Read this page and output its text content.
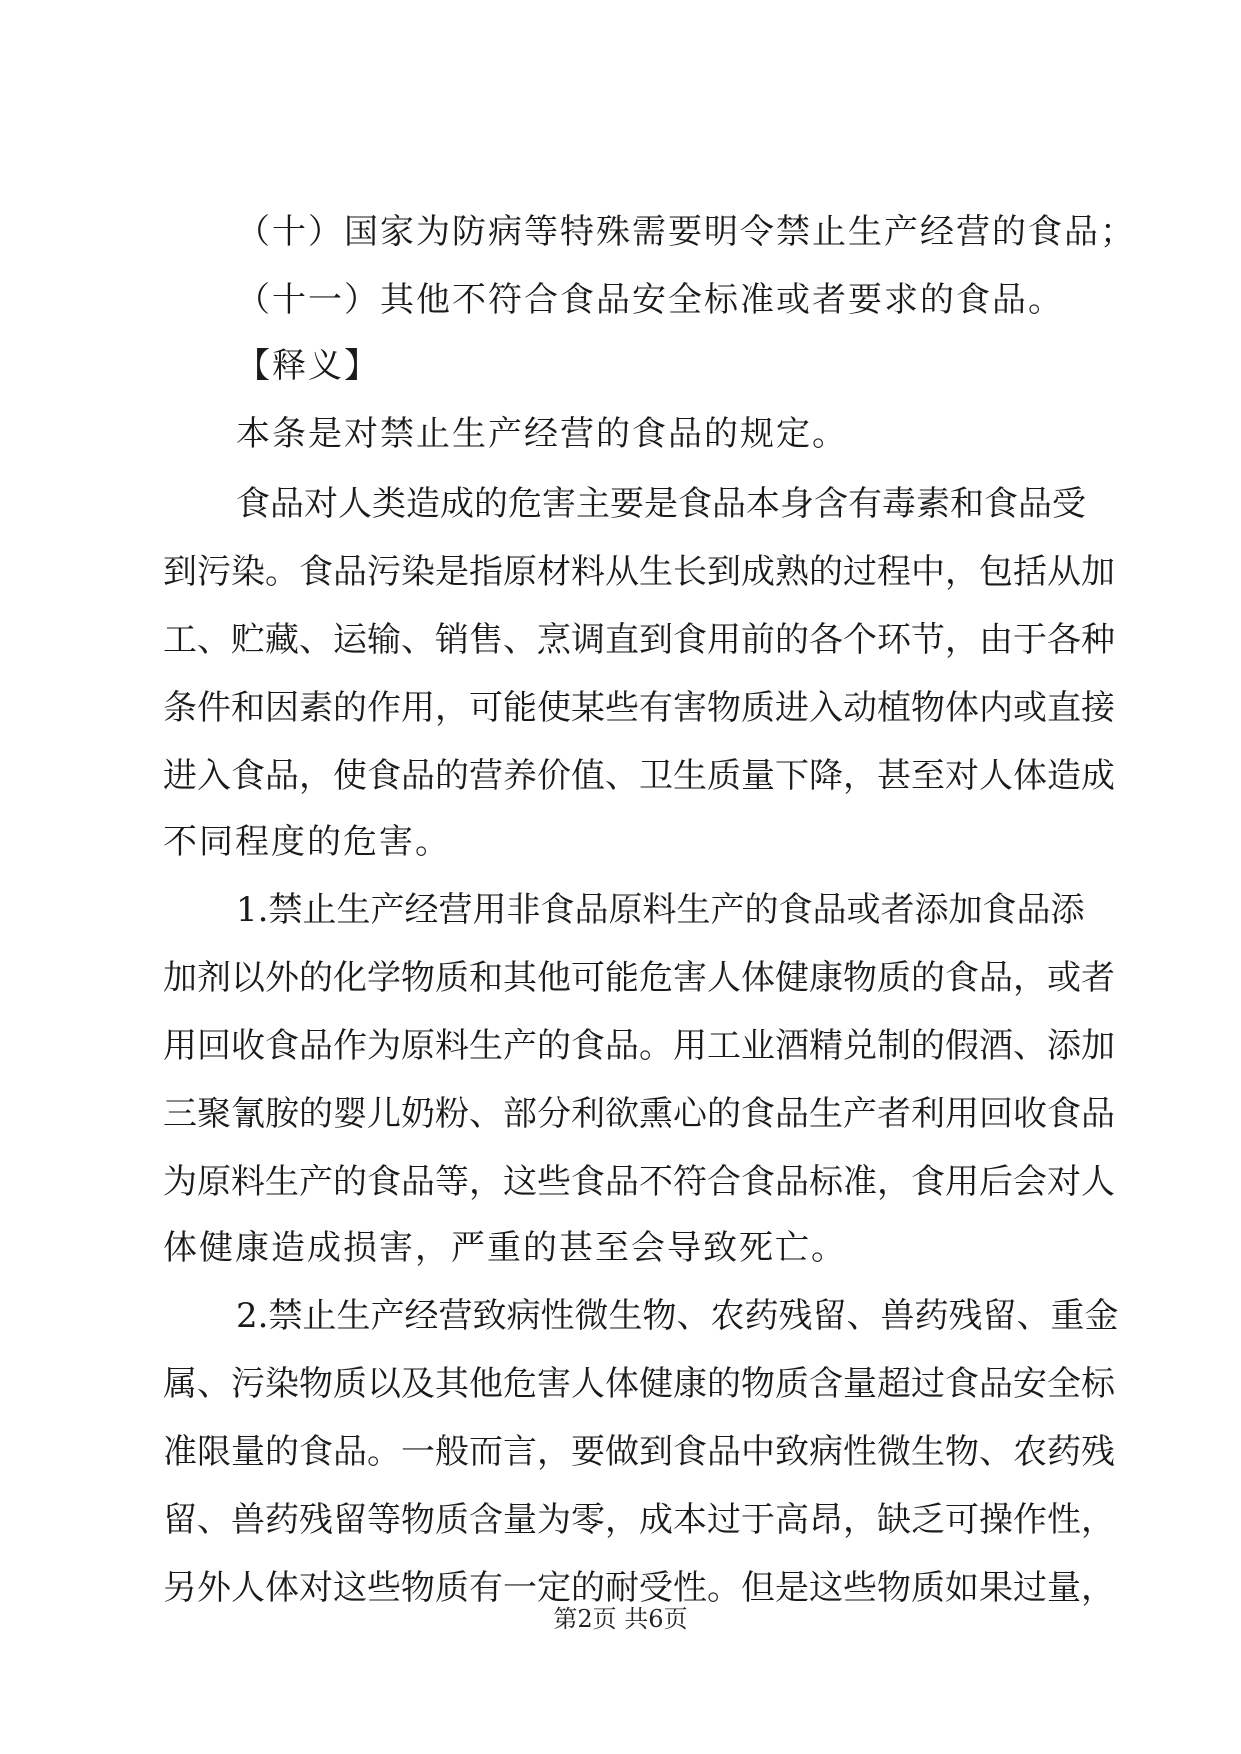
（十）国家为防病等特殊需要明令禁止生产经营的食品；
（十一）其他不符合食品安全标准或者要求的食品。
【释义】
本条是对禁止生产经营的食品的规定。
食品对人类造成的危害主要是食品本身含有毒素和食品受
到污染。食品污染是指原材料从生长到成熟的过程中，包括从加
工、贮藏、运输、销售、烹调直到食用前的各个环节，由于各种
条件和因素的作用，可能使某些有害物质进入动植物体内或直接
进入食品，使食品的营养价值、卫生质量下降，甚至对人体造成
不同程度的危害。
1.禁止生产经营用非食品原料生产的食品或者添加食品添
加剂以外的化学物质和其他可能危害人体健康物质的食品，或者
用回收食品作为原料生产的食品。用工业酒精兑制的假酒、添加
三聚氰胺的婴儿奶粉、部分利欲熏心的食品生产者利用回收食品
为原料生产的食品等，这些食品不符合食品标准，食用后会对人
体健康造成损害，严重的甚至会导致死亡。
2.禁止生产经营致病性微生物、农药残留、兽药残留、重金
属、污染物质以及其他危害人体健康的物质含量超过食品安全标
准限量的食品。一般而言，要做到食品中致病性微生物、农药残
留、兽药残留等物质含量为零，成本过于高昂，缺乏可操作性，
另外人体对这些物质有一定的耐受性。但是这些物质如果过量，
第2页 共6页
